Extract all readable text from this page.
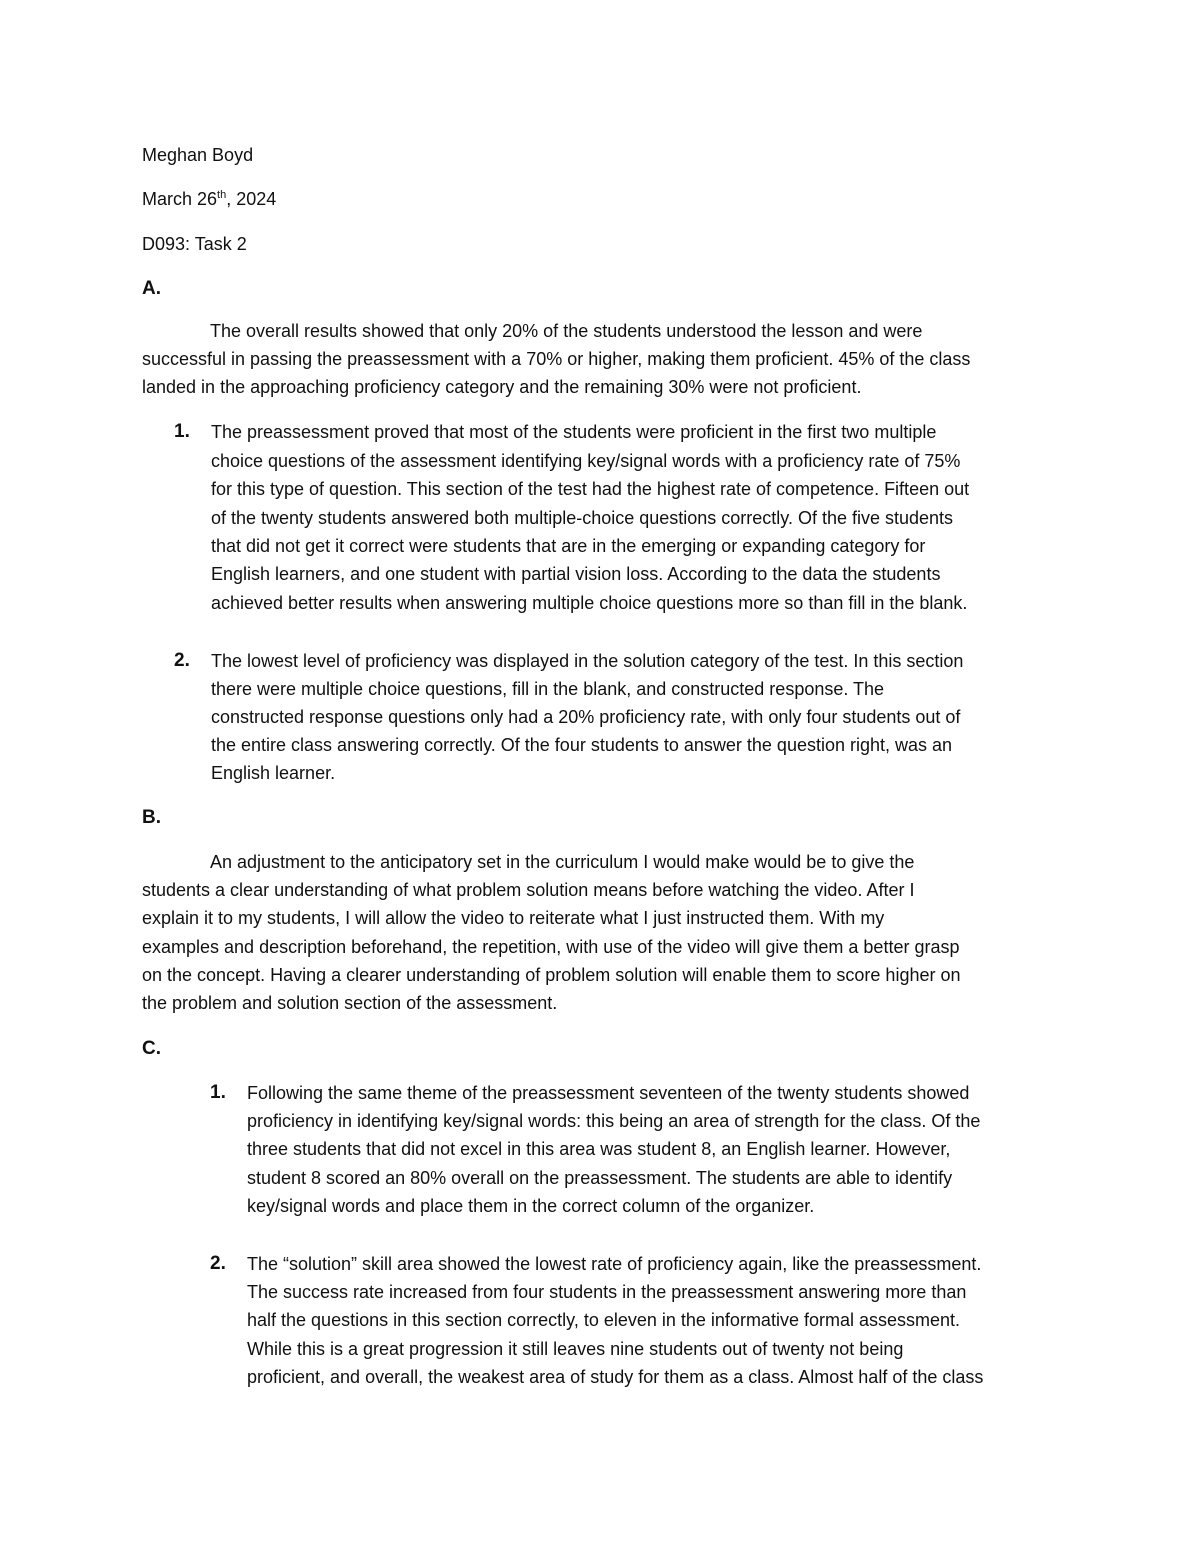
Meghan Boyd
March 26th, 2024
D093: Task 2
A.
The overall results showed that only 20% of the students understood the lesson and were
successful in passing the preassessment with a 70% or higher, making them proficient. 45% of the class
landed in the approaching proficiency category and the remaining 30% were not proficient.
1. The preassessment proved that most of the students were proficient in the first two multiple
choice questions of the assessment identifying key/signal words with a proficiency rate of 75%
for this type of question. This section of the test had the highest rate of competence. Fifteen out
of the twenty students answered both multiple-choice questions correctly. Of the five students
that did not get it correct were students that are in the emerging or expanding category for
English learners, and one student with partial vision loss. According to the data the students
achieved better results when answering multiple choice questions more so than fill in the blank.
2. The lowest level of proficiency was displayed in the solution category of the test. In this section
there were multiple choice questions, fill in the blank, and constructed response. The
constructed response questions only had a 20% proficiency rate, with only four students out of
the entire class answering correctly. Of the four students to answer the question right, was an
English learner.
B.
An adjustment to the anticipatory set in the curriculum I would make would be to give the
students a clear understanding of what problem solution means before watching the video. After I
explain it to my students, I will allow the video to reiterate what I just instructed them. With my
examples and description beforehand, the repetition, with use of the video will give them a better grasp
on the concept. Having a clearer understanding of problem solution will enable them to score higher on
the problem and solution section of the assessment.
C.
1. Following the same theme of the preassessment seventeen of the twenty students showed
proficiency in identifying key/signal words: this being an area of strength for the class. Of the
three students that did not excel in this area was student 8, an English learner. However,
student 8 scored an 80% overall on the preassessment. The students are able to identify
key/signal words and place them in the correct column of the organizer.
2. The “solution” skill area showed the lowest rate of proficiency again, like the preassessment.
The success rate increased from four students in the preassessment answering more than
half the questions in this section correctly, to eleven in the informative formal assessment.
While this is a great progression it still leaves nine students out of twenty not being
proficient, and overall, the weakest area of study for them as a class. Almost half of the class
